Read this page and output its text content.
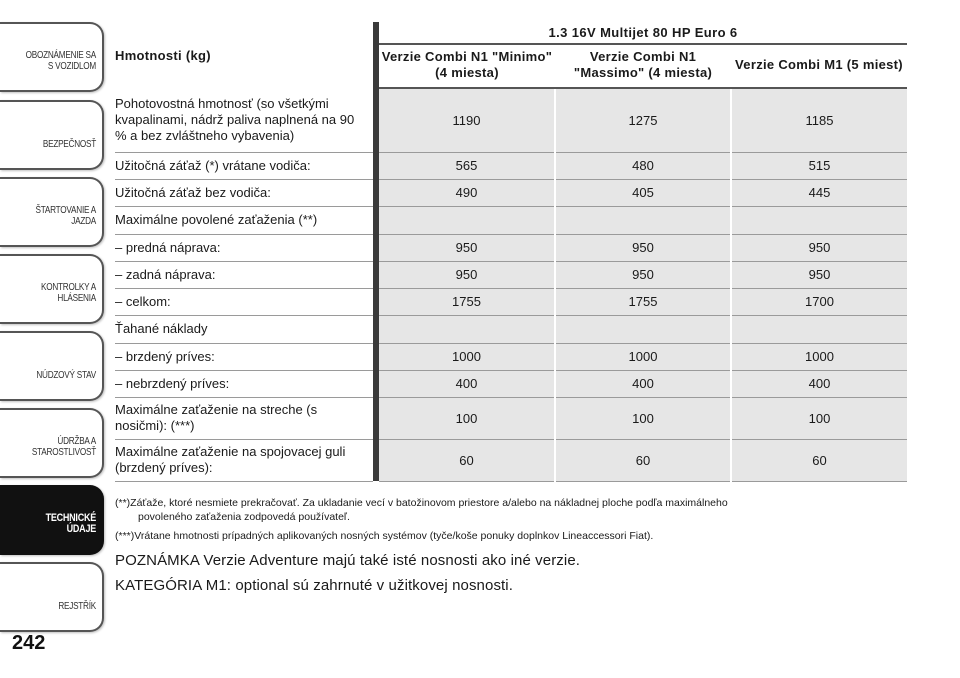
OBOZNÁMENIE SA S VOZIDLOM
BEZPEČNOSŤ
ŠTARTOVANIE A JAZDA
KONTROLKY A HLÁSENIA
NÚDZOVÝ STAV
ÚDRŽBA A STAROSTLIVOSŤ
TECHNICKÉ ÚDAJE
REJSTŘÍK
242
Hmotnosti (kg)		1.3 16V Multijet 80 HP Euro 6		
		Verzie Combi N1 "Minimo" (4 miesta)	Verzie Combi N1 "Massimo" (4 miesta)	Verzie Combi M1 (5 miest)
Pohotovostná hmotnosť (so všetkými kvapalinami, nádrž paliva naplnená na 90 % a bez zvláštneho vybavenia)		1190	1275	1185
Užitočná záťaž (*) vrátane vodiča:		565	480	515
Užitočná záťaž bez vodiča:		490	405	445
Maximálne povolené zaťaženia (**)				
– predná náprava:		950	950	950
– zadná náprava:		950	950	950
– celkom:		1755	1755	1700
Ťahané náklady				
– brzdený príves:		1000	1000	1000
– nebrzdený príves:		400	400	400
Maximálne zaťaženie na streche (s nosičmi): (***)		100	100	100
Maximálne zaťaženie na spojovacej guli (brzdený príves):		60	60	60

(**)Záťaže, ktoré nesmiete prekračovať. Za ukladanie vecí v batožinovom priestore a/alebo na nákladnej ploche podľa maximálneho
povoleného zaťaženia zodpovedá používateľ.

(***)Vrátane hmotnosti prípadných aplikovaných nosných systémov (tyče/koše ponuky doplnkov Lineaccessori Fiat).

POZNÁMKA Verzie Adventure majú také isté nosnosti ako iné verzie.

KATEGÓRIA M1: optional sú zahrnuté v užitkovej nosnosti.
